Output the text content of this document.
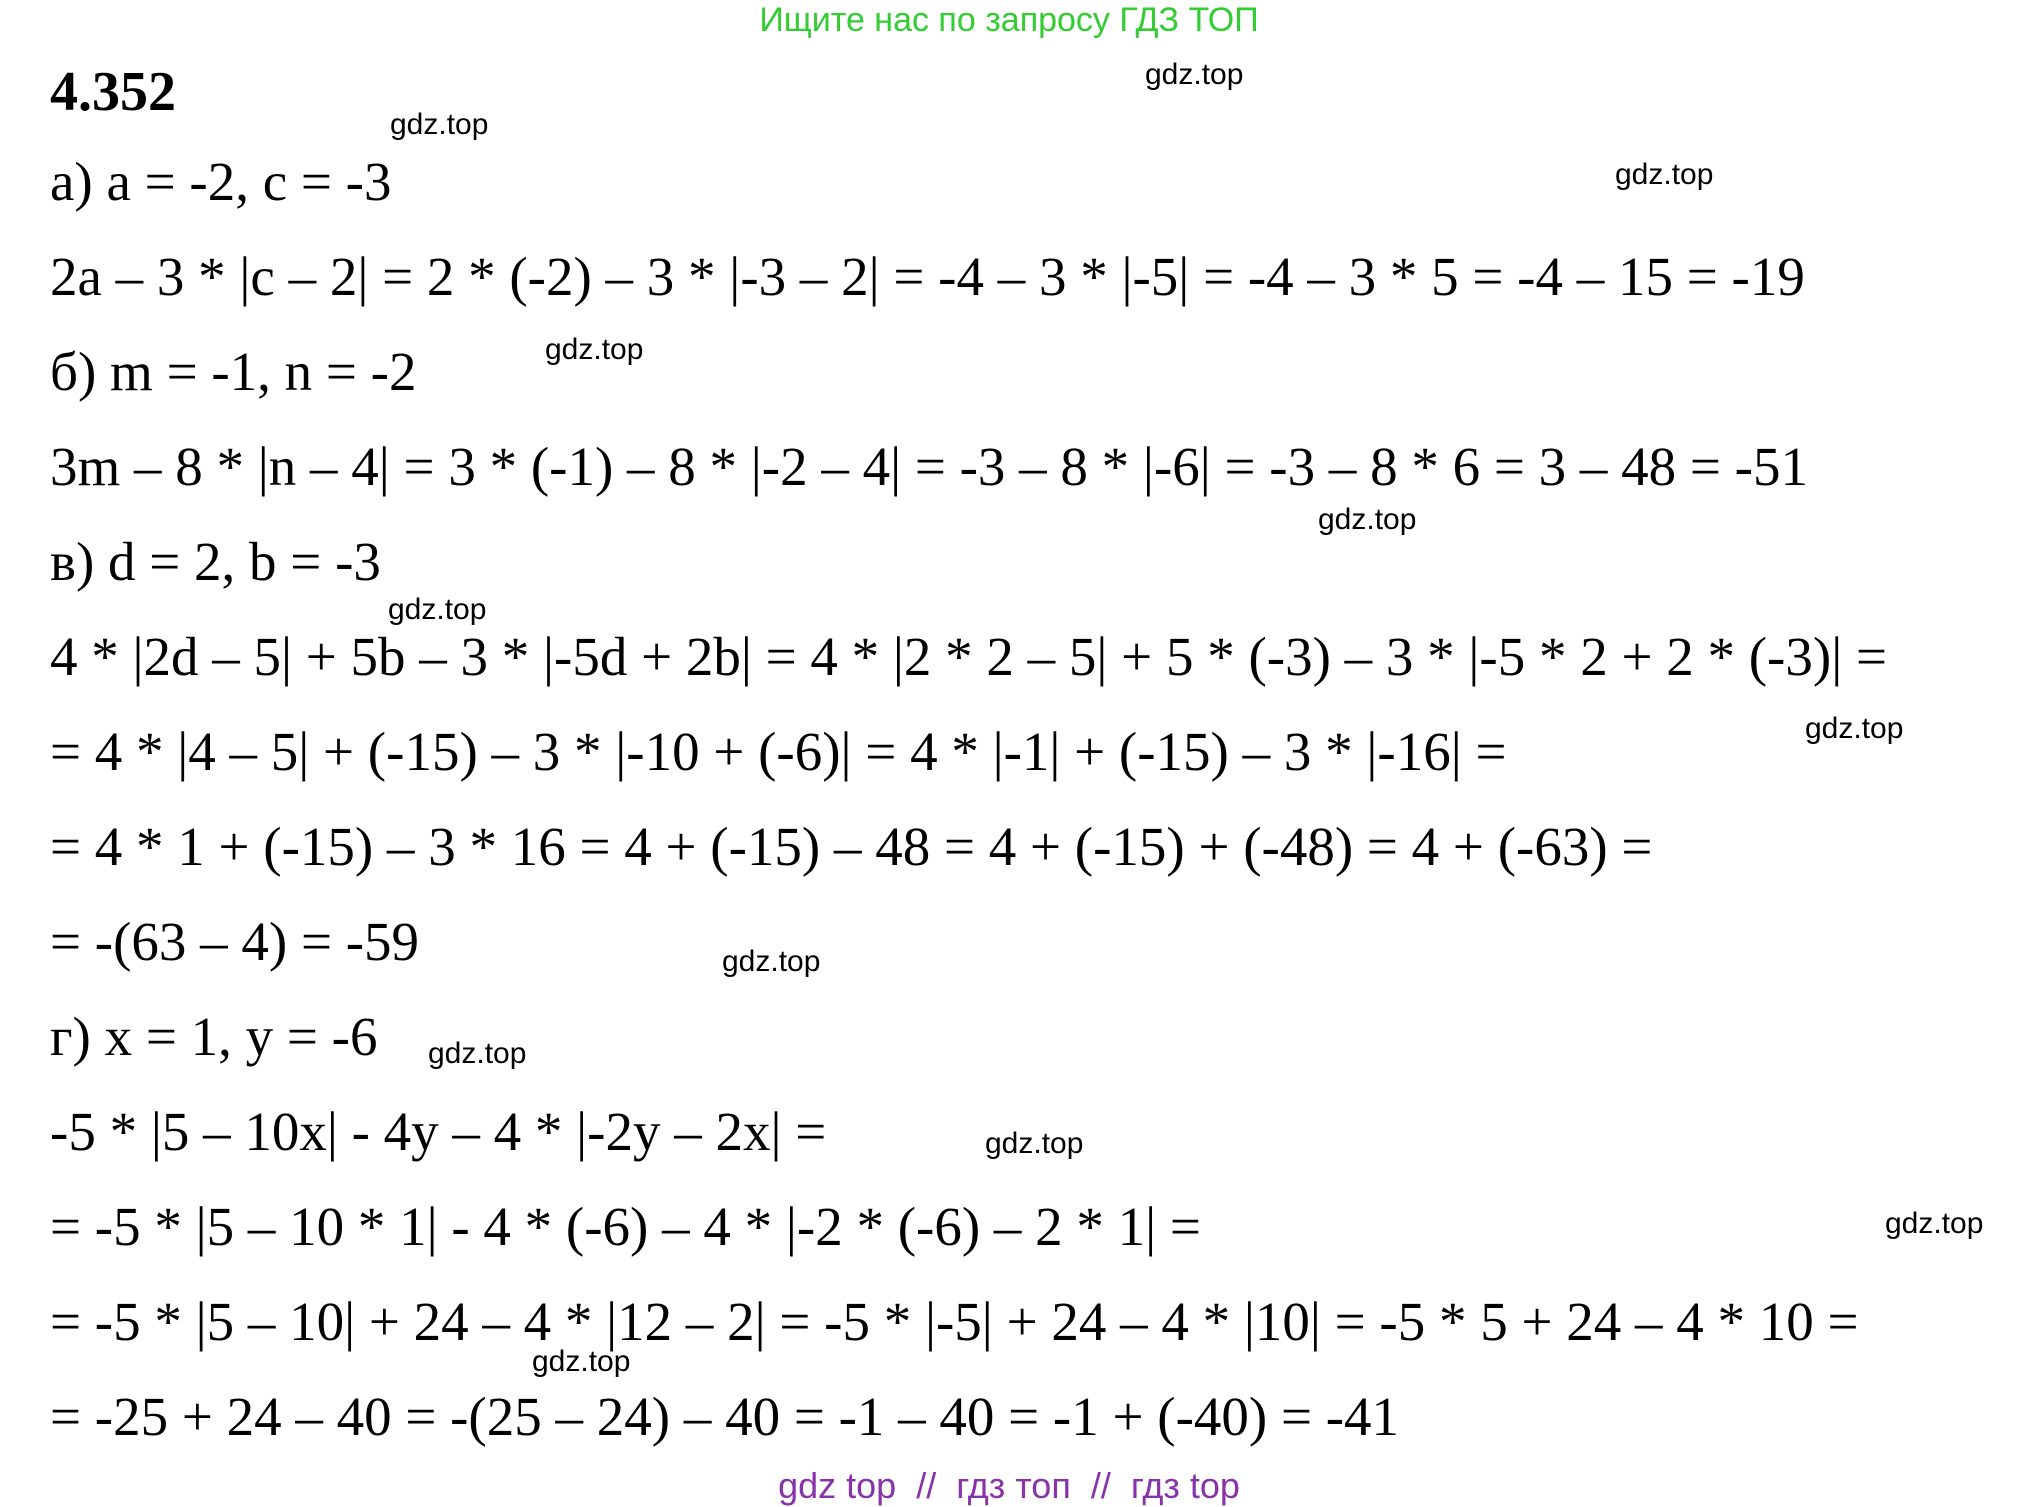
Ищите нас по запросу ГДЗ ТОП
4.352
а) a = -2, c = -3
2a – 3 * |c – 2| = 2 * (-2) – 3 * |-3 – 2| = -4 – 3 * |-5| = -4 – 3 * 5 = -4 – 15 = -19
б) m = -1, n = -2
3m – 8 * |n – 4| = 3 * (-1) – 8 * |-2 – 4| = -3 – 8 * |-6| = -3 – 8 * 6 = 3 – 48 = -51
в) d = 2, b = -3
4 * |2d – 5| + 5b – 3 * |-5d + 2b| = 4 * |2 * 2 – 5| + 5 * (-3) – 3 * |-5 * 2 + 2 * (-3)| =
= 4 * |4 – 5| + (-15) – 3 * |-10 + (-6)| = 4 * |-1| + (-15) – 3 * |-16| =
= 4 * 1 + (-15) – 3 * 16 = 4 + (-15) – 48 = 4 + (-15) + (-48) = 4 + (-63) =
= -(63 – 4) = -59
г) x = 1, y = -6
-5 * |5 – 10x| - 4y – 4 * |-2y – 2x| =
= -5 * |5 – 10 * 1| - 4 * (-6) – 4 * |-2 * (-6) – 2 * 1| =
= -5 * |5 – 10| + 24 – 4 * |12 – 2| = -5 * |-5| + 24 – 4 * |10| = -5 * 5 + 24 – 4 * 10 =
= -25 + 24 – 40 = -(25 – 24) – 40 = -1 – 40 = -1 + (-40) = -41
gdz.top
gdz.top
gdz.top
gdz.top
gdz.top
gdz.top
gdz.top
gdz.top
gdz.top
gdz.top
gdz.top
gdz.top
gdz top  //  гдз топ  //  гдз top
